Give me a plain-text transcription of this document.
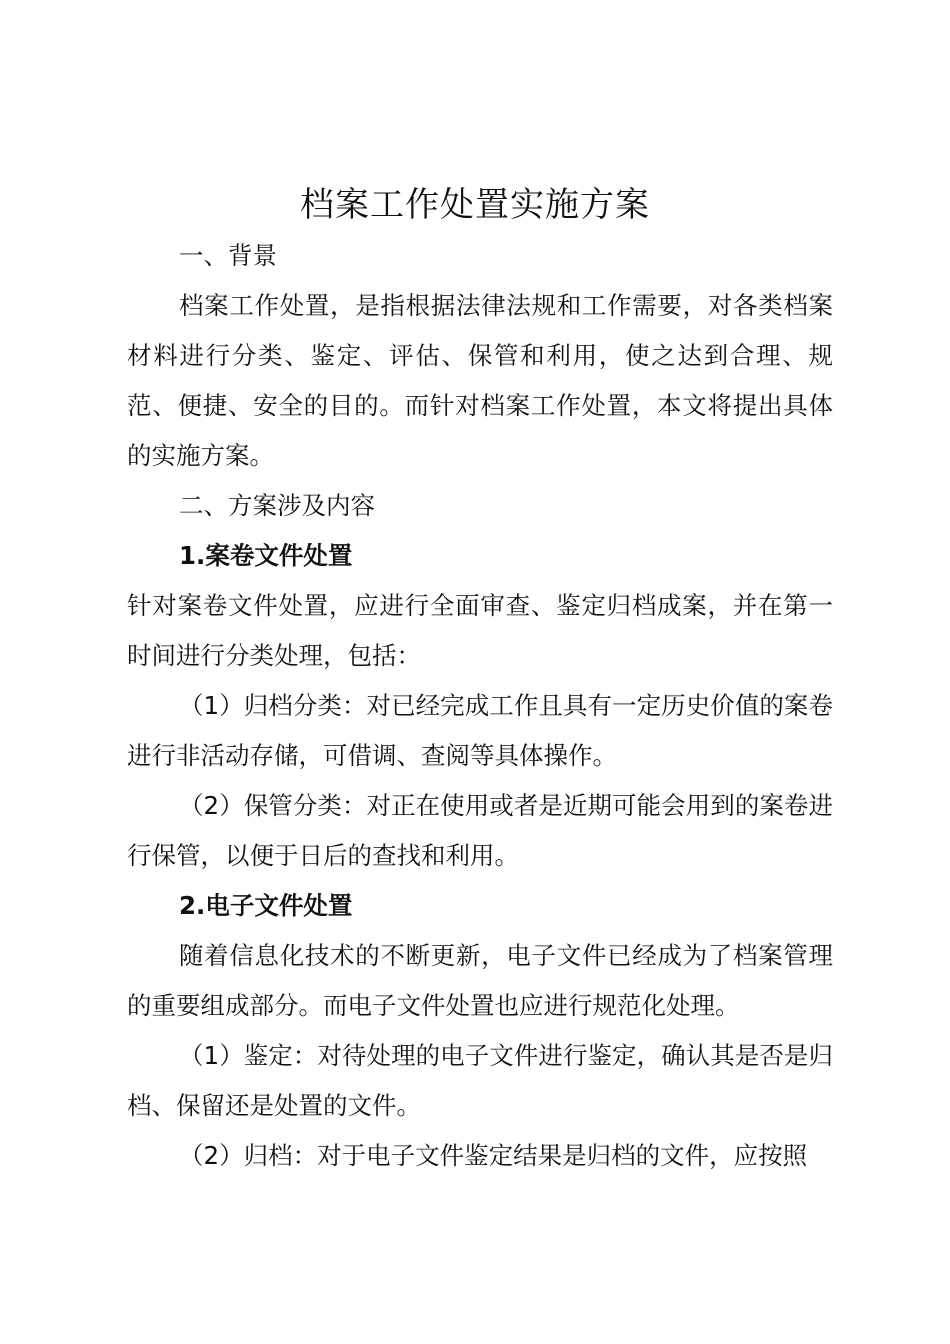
档案工作处置实施方案

一、背景

档案工作处置，是指根据法律法规和工作需要，对各类档案材料进行分类、鉴定、评估、保管和利用，使之达到合理、规范、便捷、安全的目的。而针对档案工作处置，本文将提出具体的实施方案。

二、方案涉及内容

1.案卷文件处置

针对案卷文件处置，应进行全面审查、鉴定归档成案，并在第一时间进行分类处理，包括：

（1）归档分类：对已经完成工作且具有一定历史价值的案卷进行非活动存储，可借调、查阅等具体操作。

（2）保管分类：对正在使用或者是近期可能会用到的案卷进行保管，以便于日后的查找和利用。

2.电子文件处置

随着信息化技术的不断更新，电子文件已经成为了档案管理的重要组成部分。而电子文件处置也应进行规范化处理。

（1）鉴定：对待处理的电子文件进行鉴定，确认其是否是归档、保留还是处置的文件。

（2）归档：对于电子文件鉴定结果是归档的文件，应按照
